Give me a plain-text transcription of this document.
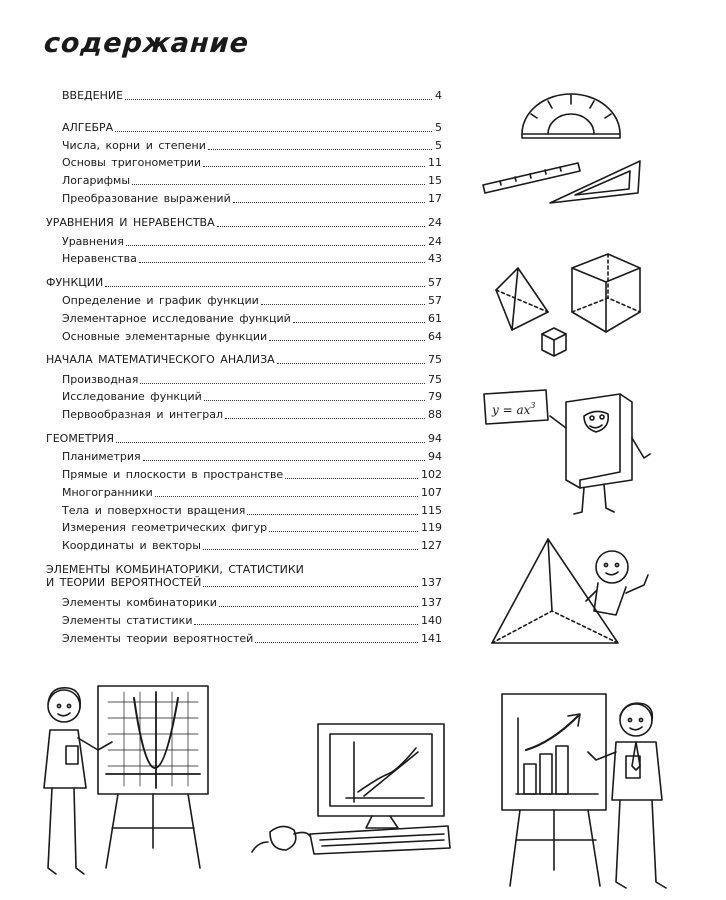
содержание
ВВЕДЕНИЕ	4
АЛГЕБРА	5
Числа, корни и степени	5
Основы тригонометрии	11
Логарифмы	15
Преобразование выражений	17
УРАВНЕНИЯ И НЕРАВЕНСТВА	24
Уравнения	24
Неравенства	43
ФУНКЦИИ	57
Определение и график функции	57
Элементарное исследование функций	61
Основные элементарные функции	64
НАЧАЛА МАТЕМАТИЧЕСКОГО АНАЛИЗА	75
Производная	75
Исследование функций	79
Первообразная и интеграл	88
ГЕОМЕТРИЯ	94
Планиметрия	94
Прямые и плоскости в пространстве	102
Многогранники	107
Тела и поверхности вращения	115
Измерения геометрических фигур	119
Координаты и векторы	127
ЭЛЕМЕНТЫ КОМБИНАТОРИКИ, СТАТИСТИКИ
И ТЕОРИИ ВЕРОЯТНОСТЕЙ	137
Элементы комбинаторики	137
Элементы статистики	140
Элементы теории вероятностей	141
$y = ax^3$
